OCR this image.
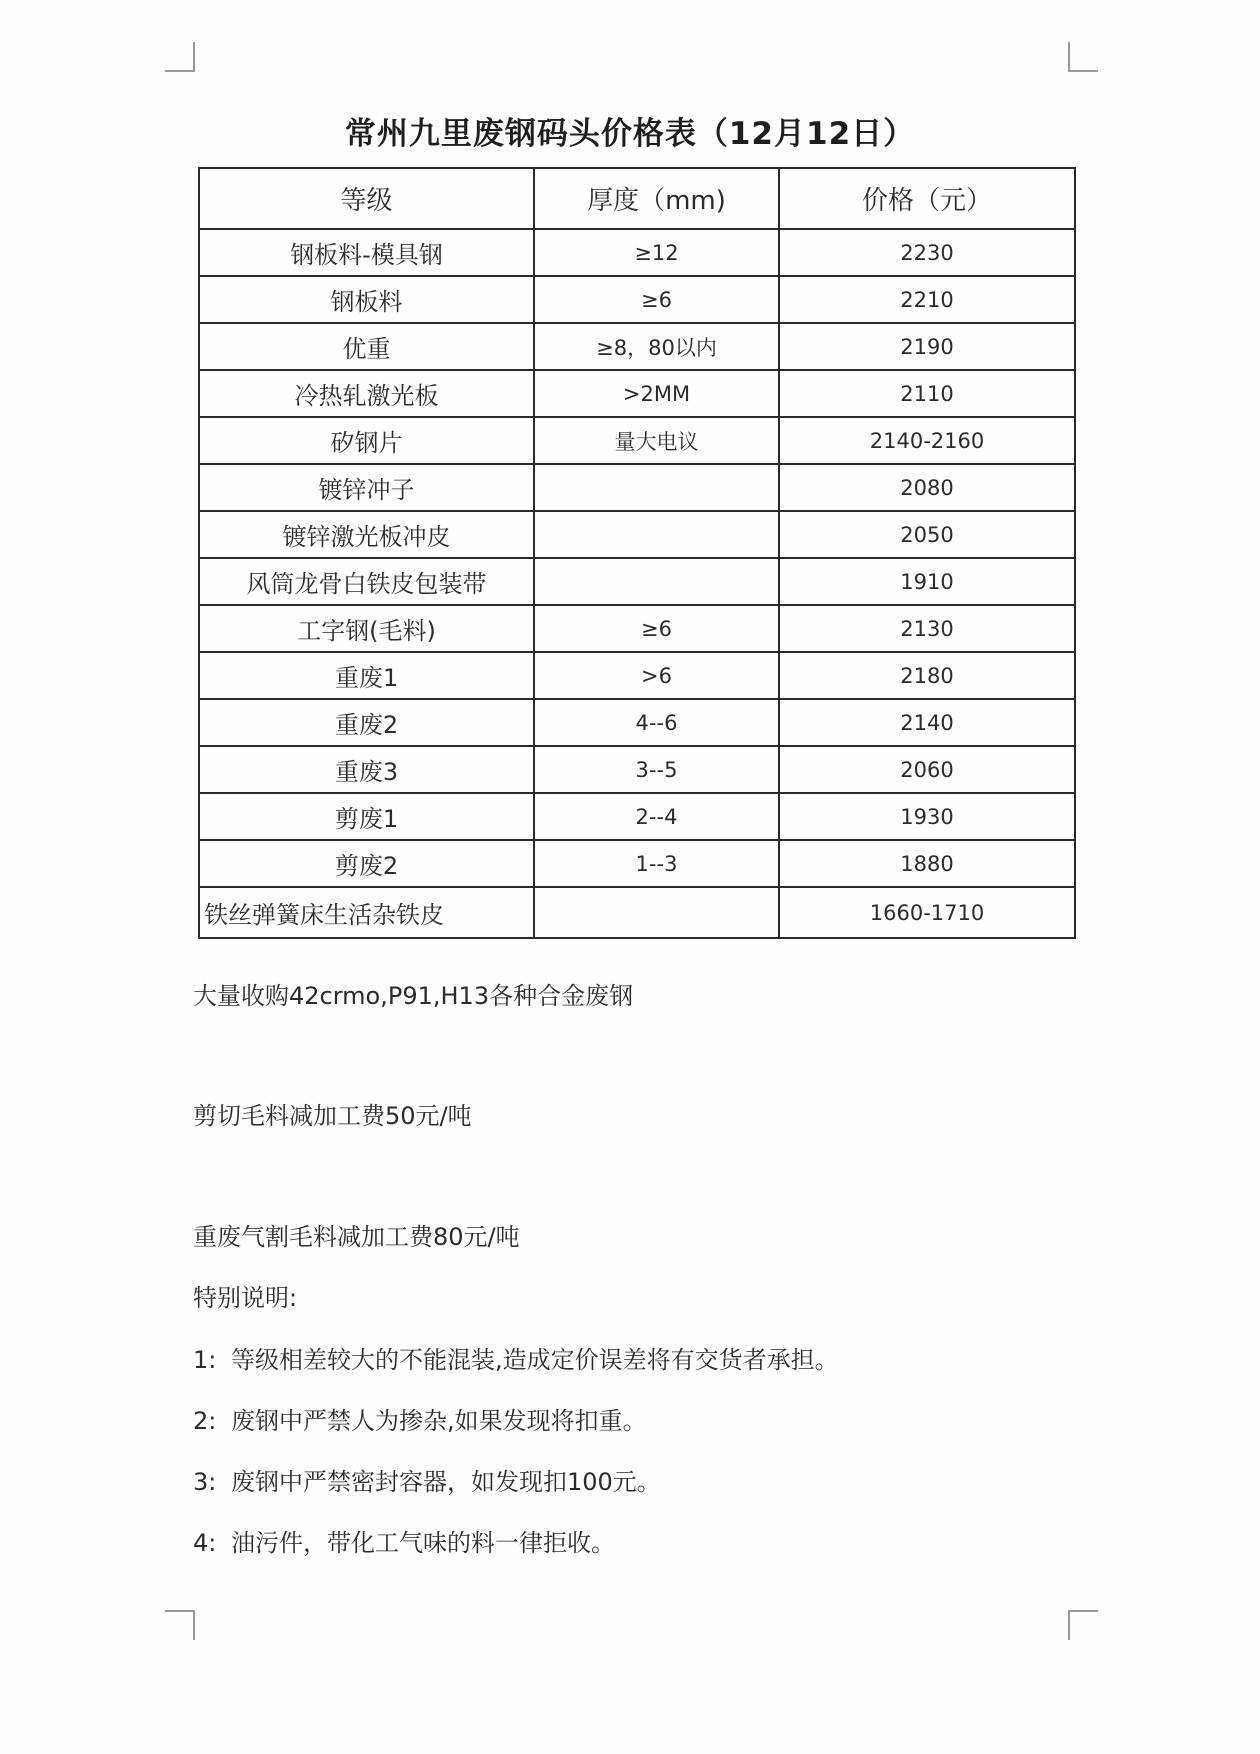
常州九里废钢码头价格表（12月12日）
等级	厚度（mm)	价格（元）
钢板料-模具钢	≥12	2230
钢板料	≥6	2210
优重	≥8，80以内	2190
冷热轧激光板	>2MM	2110
矽钢片	量大电议	2140-2160
镀锌冲子		2080
镀锌激光板冲皮		2050
风筒龙骨白铁皮包装带		1910
工字钢(毛料)	≥6	2130
重废1	>6	2180
重废2	4--6	2140
重废3	3--5	2060
剪废1	2--4	1930
剪废2	1--3	1880
铁丝弹簧床生活杂铁皮		1660-1710
大量收购42crmo,P91,H13各种合金废钢
剪切毛料减加工费50元/吨
重废气割毛料减加工费80元/吨
特别说明:
1: 等级相差较大的不能混装,造成定价误差将有交货者承担。
2: 废钢中严禁人为掺杂,如果发现将扣重。
3: 废钢中严禁密封容器，如发现扣100元。
4: 油污件，带化工气味的料一律拒收。
